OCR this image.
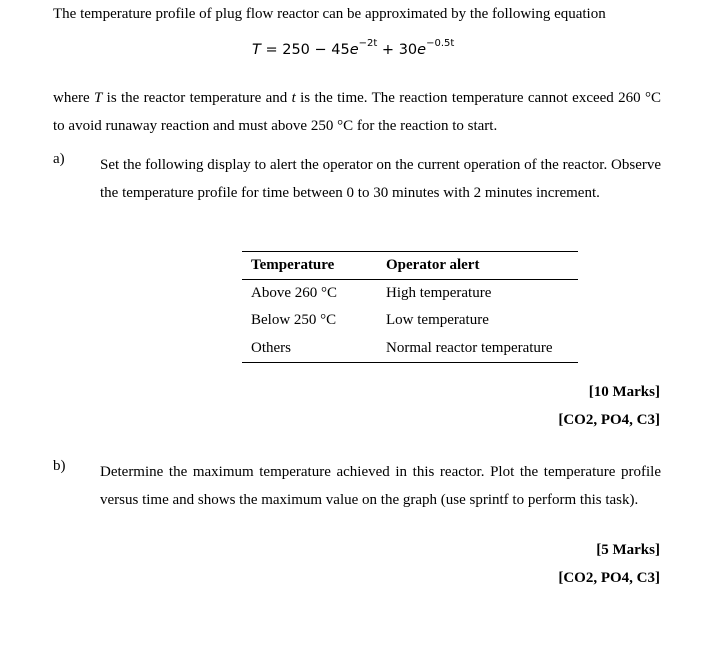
The temperature profile of plug flow reactor can be approximated by the following equation
$T = 250 - 45e^{-2t} + 30e^{-0.5t}$
where T is the reactor temperature and t is the time. The reaction temperature cannot exceed 260 °C to avoid runaway reaction and must above 250 °C for the reaction to start.
a) Set the following display to alert the operator on the current operation of the reactor. Observe the temperature profile for time between 0 to 30 minutes with 2 minutes increment.
Temperature	Operator alert
Above 260 °C	High temperature
Below 250 °C	Low temperature
Others	Normal reactor temperature
[10 Marks]
[CO2, PO4, C3]
b) Determine the maximum temperature achieved in this reactor. Plot the temperature profile versus time and shows the maximum value on the graph (use sprintf to perform this task).
[5 Marks]
[CO2, PO4, C3]
